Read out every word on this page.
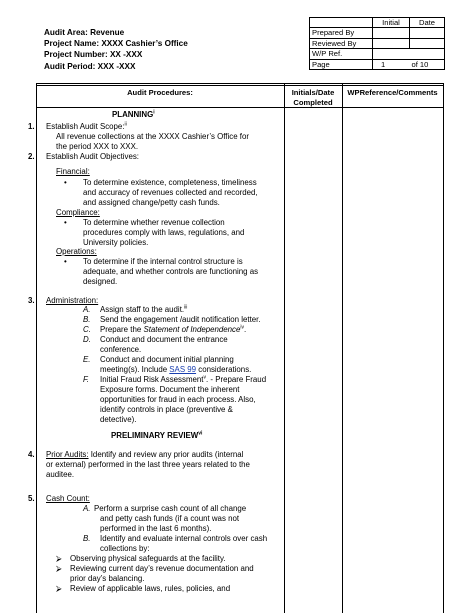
Audit Area: Revenue
Project Name: XXXX Cashier’s Office
Project Number: XX -XXX
Audit Period: XXX -XXX
	Initial	Date
Prepared By		
Reviewed By		
W/P Ref.		
Page	1 of 10	
Audit Procedures:	Initials/Date
Completed
WPReference/Comments
PLANNING$^i$
1. Establish Audit Scope:$^{ii}$
All revenue collections at the XXXX Cashier’s Office for
the period XXX to XXX.
2. Establish Audit Objectives:
Financial:
• To determine existence, completeness, timeliness
and accuracy of revenues collected and recorded,
and assigned change/petty cash funds.
Compliance:
• To determine whether revenue collection
procedures comply with laws, regulations, and
University policies.
Operations:
• To determine if the internal control structure is
adequate, and whether controls are functioning as
designed.
3. Administration:
A. Assign staff to the audit.$^{iii}$
B. Send the engagement /audit notification letter.
C. Prepare the Statement of Independence$^{iv}$.
D. Conduct and document the entrance
conference.
E. Conduct and document initial planning
meeting(s). Include SAS 99 considerations.
F. Initial Fraud Risk Assessment$^v$. - Prepare Fraud
Exposure forms. Document the inherent
opportunities for fraud in each process. Also,
identify controls in place (preventive &
detective).
PRELIMINARY REVIEW$^{vi}$
4. Prior Audits: Identify and review any prior audits (internal
or external) performed in the last three years related to the
auditee.
5. Cash Count:
A. Perform a surprise cash count of all change
and petty cash funds (if a count was not
performed in the last 6 months).
B. Identify and evaluate internal controls over cash
collections by:
⮚ Observing physical safeguards at the facility.
⮚ Reviewing current day’s revenue documentation and
prior day’s balancing.
⮚ Review of applicable laws, rules, policies, and
